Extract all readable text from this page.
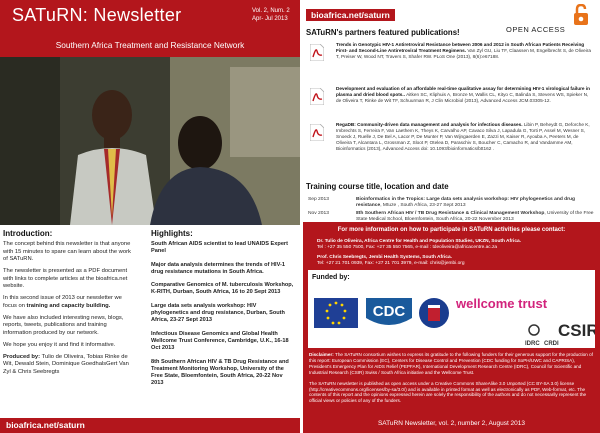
SATuRN: Newsletter	Vol. 2, Num. 2
Apr- Jul 2013
Southern Africa Treatment and Resistance Network
Introduction:

The concept behind this newsletter is that anyone with 15 minutes to spare can learn about the work of SATuRN.

The newsletter is presented as a PDF document with links to complete articles at the bioafrica.net website.

In this second issue of 2013 our newsletter we focus on training and capacity building.

We have also included interesting news, blogs, reports, tweets, publications and training information produced by our network.

We hope you enjoy it and find it informative.

Produced by: Tulio de Oliveira, Tobias Rinke de Wit, Dewald Stein, Dominique GoedhalsGert Van Zyl & Chris Seebregts

Highlights:

South African AIDS scientist to lead UNAIDS Expert Panel

Major data analysis determines the trends of HIV-1 drug resistance mutations in South Africa.

Comparative Genomics of M. tuberculosis Workshop, K-RITH, Durban, South Africa, 16 to 20 Sept 2013

Large data sets analysis workshop: HIV phylogenetics and drug resistance, Durban, South Africa, 23-27 Sept 2013

Infectious Disease Genomics and Global Health Wellcome Trust Conference, Cambridge, U.K., 16-18 Oct 2013

8th Southern African HIV & TB Drug Resistance and Treatment Monitoring Workshop, University of the Free State, Bloemfontein, South Africa, 20-22 Nov 2013

bioafrica.net/saturn
bioafrica.net/saturn
OPEN ACCESS
SATuRN's partners featured publications!
Trends in Genotypic HIV-1 Antiretroviral Resistance between 2006 and 2012 in South African Patients Receiving First- and Second-Line Antiretroviral Treatment Regimens. Van Zyl GU, Liu TF, Claassen M, Engelbrecht S, de Oliveira T, Preiser W, Wood NT, Travers S, Shafer RW. PLoS One (2013), 8(6):e67188.
Development and evaluation of an affordable real-time qualitative assay for determining HIV-1 virological failure in plasma and dried blood spots.. Aitken SC, Kliphuis A, Bronze M, Wallis CL, Kityo C, Balinda S, Stevens WS, Spieker N, de Oliveira T, Rinke de Wit TF, Schuurman R, J Clin Microbiol (2013), Advanced Access JCM.03305-12.
RegaDB: Community-driven data management and analysis for infectious diseases. Libin P, Beheydt G, Deforche K, Imbrechts S, Ferreira F, Van Laethem K, Theys K, Carvalho AP, Cavaco Silva J, Lapadula G, Torti P, Assel M, Wesner S, Snoeck J, Ruelle J, De Bel A, Lacor P, De Munter P, Van Wijngaerden E, Zazzi M, Kaiser R, Ayouba A, Peeters M, de Oliveira T, Alcantara L, Grossman Z, Sloot P, Otelea D, Paraschiv S, Boucher C, Camacho R, and Vandamme AM, Bioinformatics (2013), Advanced Access doi: 10.1093/bioinformatics/btt162 .
Training course title, location and date
Sep 2013	Bioinformatics in the Tropics: Large data sets analysis workshop: HIV phylogenetics and drug resistance, Mtuze , South Africa, 23-27 Sept 2013
Nov 2013	8th Southern African HIV / TB Drug Resistance & Clinical Management Workshop, University of the Free State Medical School, Bloemfontein, South Africa, 20-22 November 2013
For more information on how to participate in SATuRN activities please contact:
Dr. Tulio de Oliveira, Africa Centre for Health and Population Studies, UKZN, South Africa.
Tel : +27 35 550 7500, Fax: +27 35 550 7565, e-mail : tdeoliveira@africacentre.ac.za
Prof. Chris Seebregts, Jembi Health Systems, South Africa.
Tel: +27 21 701 0939, Fax: +27 21 701 3979, e-mail: chris@jembi.org

Disclaimer: The SATuRN consortium wishes to express its gratitude to the following funders for their generous support for the production of this report: European Commission (EC), Centers for Disease Control and Prevention (CDC funding for SoPH/UWC and CAPRISA), President's Emergency Plan for AIDS Relief (PEPFAR), International Development Research Centre (IDRC), Council for Scientific and Industrial Research (CSIR) Swiss / South Africa initiative and the Wellcome Trust.

The SATuRN newsletter is published as open access under a Creative Commons ShareAlike 3.0 Unported (CC BY-SA 3.0) license (http://creativecommons.org/licenses/by-sa/3.0/) and is available in printed format as well as electronically as PDF, Web-format, etc. The contents of this report and the opinions expressed herein are solely the responsibility of the authors and do not necessarily represent the official views or policies of any of the funders.

SATuRN Newsletter, vol. 2, number 2, August 2013
Funded by:
CDC	wellcome trust
IDRC CRDI
CSIR
